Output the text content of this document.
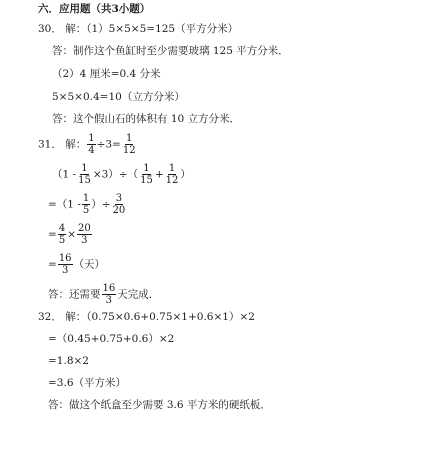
六．应用题（共3小题）
30． 解：（1）5×5×5=125（平方分米）
答：制作这个鱼缸时至少需要玻璃 125 平方分米．
（2）4 厘米=0.4 分米
5×5×0.4=10（立方分米）
答：这个假山石的体积有 10 立方分米．
31． 解： $\frac{1}{4} \div 3= \frac{1}{12}$
$(1 - \frac{1}{15} \times 3)\div( \frac{1}{15} + \frac{1}{12}$ ）
$=(1 - \frac{1}{5}$ ）÷ $\frac{3}{20}$
= $\frac{4}{5} \times \frac{20}{3}$
= $\frac{16}{3}$ （天）
答：还需要 $\frac{16}{3}$ 天完成．
32． 解：（0.75×0.6+0.75×1+0.6×1）×2
=（0.45+0.75+0.6）×2
=1.8×2
=3.6（平方米）
答：做这个纸盒至少需要 3.6 平方米的硬纸板．
